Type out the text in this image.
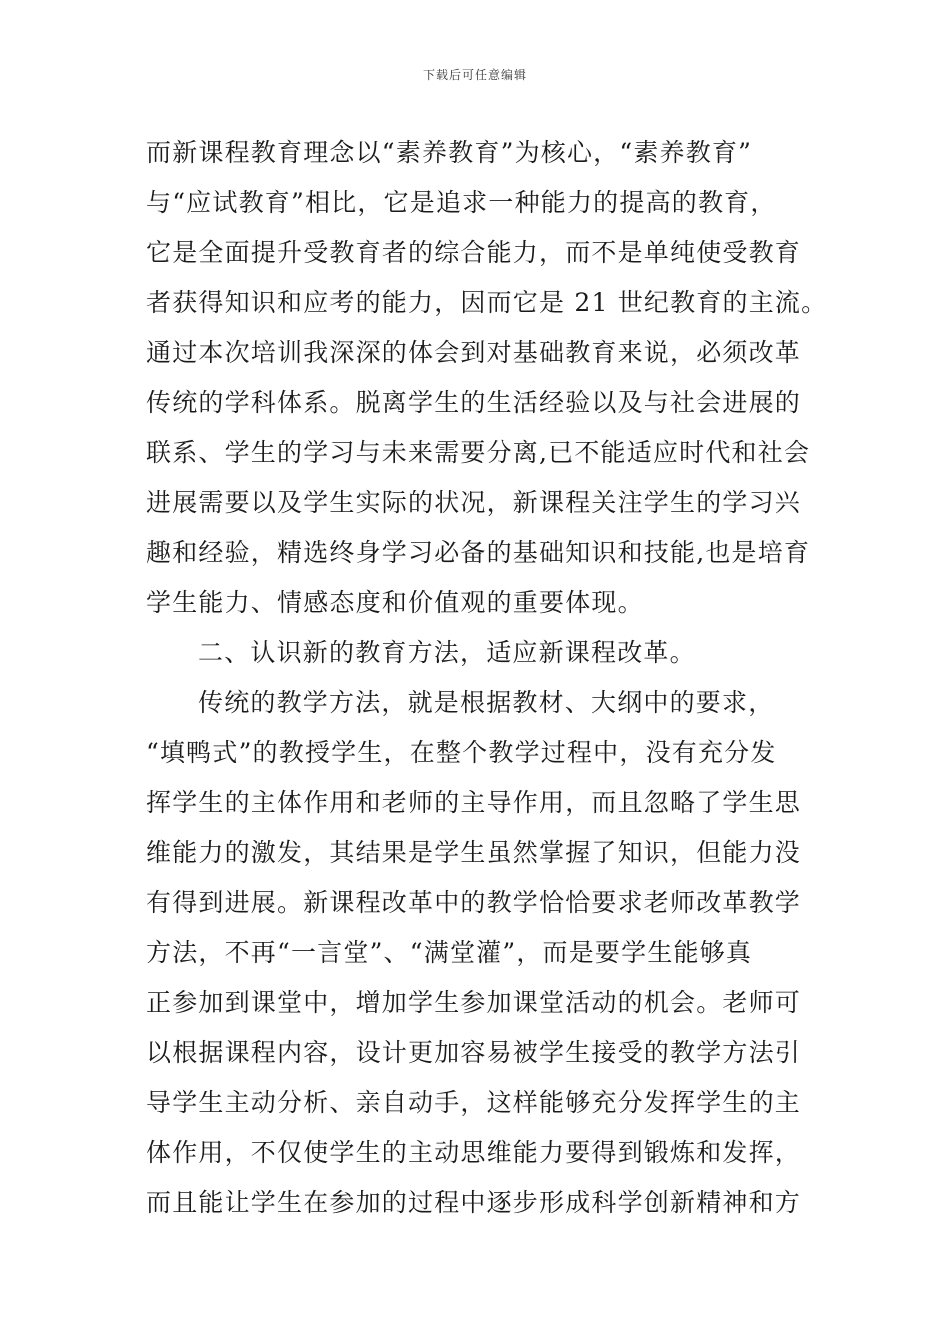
下载后可任意编辑
而新课程教育理念以“素养教育”为核心，“素养教育”
与“应试教育”相比，它是追求一种能力的提高的教育，
它是全面提升受教育者的综合能力，而不是单纯使受教育
者获得知识和应考的能力，因而它是 21 世纪教育的主流。
通过本次培训我深深的体会到对基础教育来说，必须改革
传统的学科体系。脱离学生的生活经验以及与社会进展的
联系、学生的学习与未来需要分离,已不能适应时代和社会
进展需要以及学生实际的状况，新课程关注学生的学习兴
趣和经验，精选终身学习必备的基础知识和技能,也是培育
学生能力、情感态度和价值观的重要体现。
二、认识新的教育方法，适应新课程改革。
传统的教学方法，就是根据教材、大纲中的要求，
“填鸭式”的教授学生，在整个教学过程中，没有充分发
挥学生的主体作用和老师的主导作用，而且忽略了学生思
维能力的激发，其结果是学生虽然掌握了知识，但能力没
有得到进展。新课程改革中的教学恰恰要求老师改革教学
方法，不再“一言堂”、“满堂灌”，而是要学生能够真
正参加到课堂中，增加学生参加课堂活动的机会。老师可
以根据课程内容，设计更加容易被学生接受的教学方法引
导学生主动分析、亲自动手，这样能够充分发挥学生的主
体作用，不仅使学生的主动思维能力要得到锻炼和发挥，
而且能让学生在参加的过程中逐步形成科学创新精神和方
